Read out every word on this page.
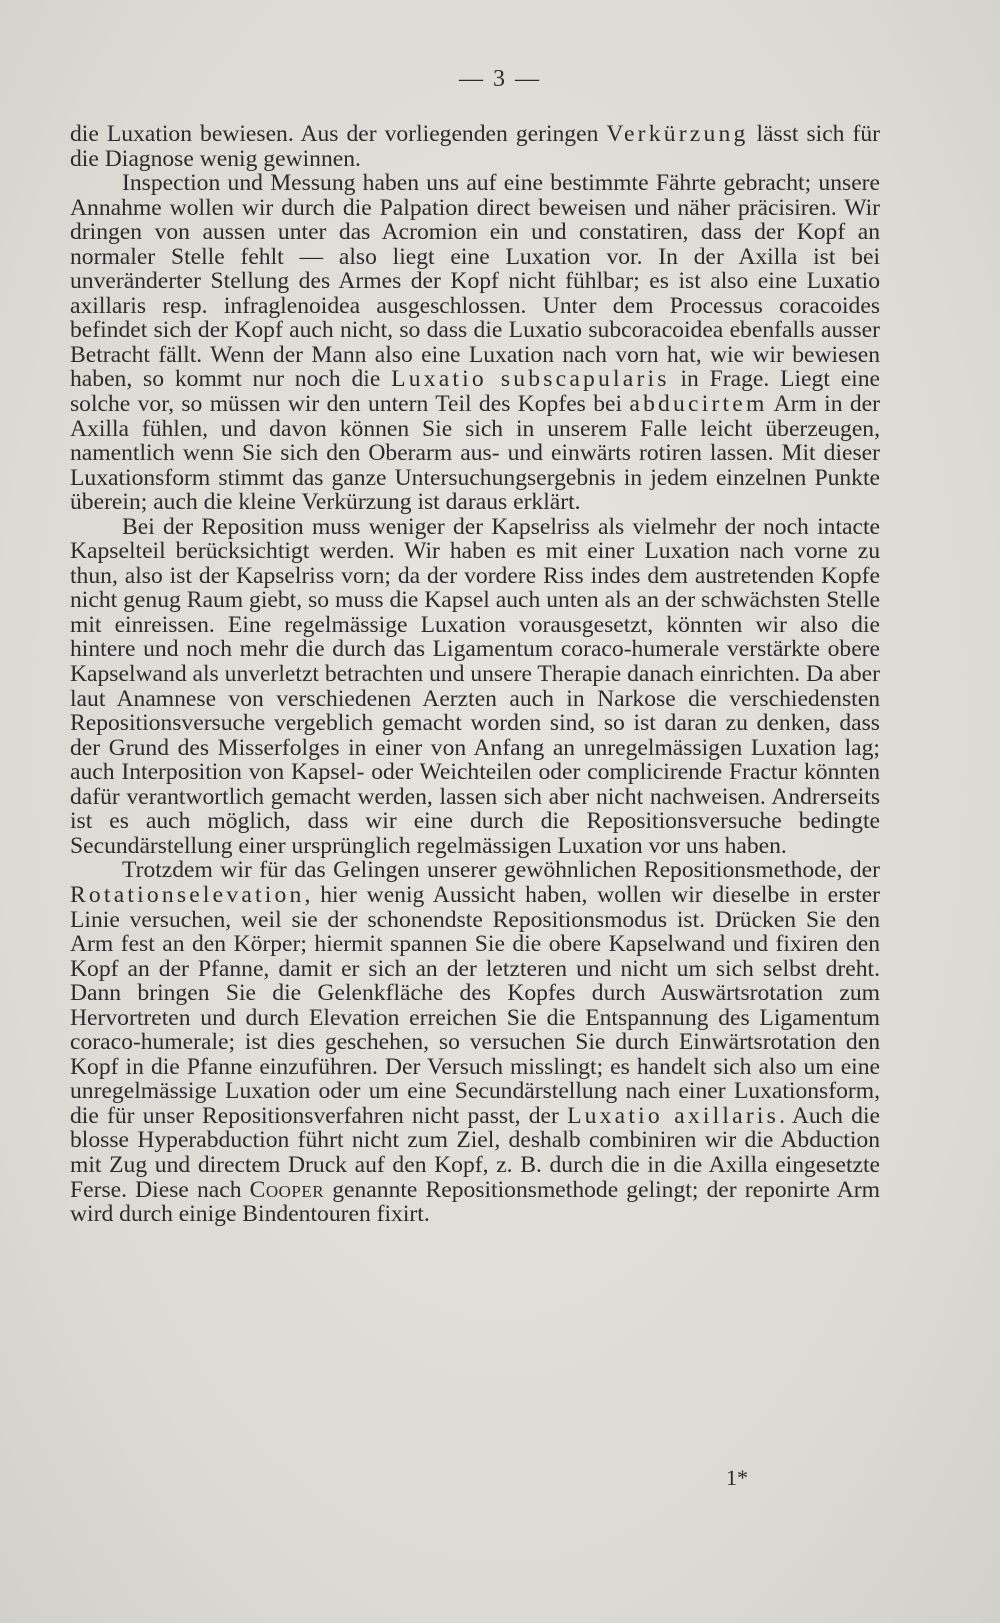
— 3 —

die Luxation bewiesen. Aus der vorliegenden geringen Verkürzung lässt sich für die Diagnose wenig gewinnen.

Inspection und Messung haben uns auf eine bestimmte Fährte gebracht; unsere Annahme wollen wir durch die Palpation direct beweisen und näher präcisiren. Wir dringen von aussen unter das Acromion ein und constatiren, dass der Kopf an normaler Stelle fehlt — also liegt eine Luxation vor. In der Axilla ist bei unveränderter Stellung des Armes der Kopf nicht fühlbar; es ist also eine Luxatio axillaris resp. infraglenoidea ausgeschlossen. Unter dem Processus coracoides befindet sich der Kopf auch nicht, so dass die Luxatio subcoracoidea ebenfalls ausser Betracht fällt. Wenn der Mann also eine Luxation nach vorn hat, wie wir bewiesen haben, so kommt nur noch die Luxatio subscapularis in Frage. Liegt eine solche vor, so müssen wir den untern Teil des Kopfes bei abducirtem Arm in der Axilla fühlen, und davon können Sie sich in unserem Falle leicht überzeugen, namentlich wenn Sie sich den Oberarm aus- und einwärts rotiren lassen. Mit dieser Luxationsform stimmt das ganze Untersuchungsergebnis in jedem einzelnen Punkte überein; auch die kleine Verkürzung ist daraus erklärt.

Bei der Reposition muss weniger der Kapselriss als vielmehr der noch intacte Kapselteil berücksichtigt werden. Wir haben es mit einer Luxation nach vorne zu thun, also ist der Kapselriss vorn; da der vordere Riss indes dem austretenden Kopfe nicht genug Raum giebt, so muss die Kapsel auch unten als an der schwächsten Stelle mit einreissen. Eine regelmässige Luxation vorausgesetzt, könnten wir also die hintere und noch mehr die durch das Ligamentum coraco-humerale verstärkte obere Kapselwand als unverletzt betrachten und unsere Therapie danach einrichten. Da aber laut Anamnese von verschiedenen Aerzten auch in Narkose die verschiedensten Repositionsversuche vergeblich gemacht worden sind, so ist daran zu denken, dass der Grund des Misserfolges in einer von Anfang an unregelmässigen Luxation lag; auch Interposition von Kapsel- oder Weichteilen oder complicirende Fractur könnten dafür verantwortlich gemacht werden, lassen sich aber nicht nachweisen. Andrerseits ist es auch möglich, dass wir eine durch die Repositionsversuche bedingte Secundärstellung einer ursprünglich regelmässigen Luxation vor uns haben.

Trotzdem wir für das Gelingen unserer gewöhnlichen Repositionsmethode, der Rotationselevation, hier wenig Aussicht haben, wollen wir dieselbe in erster Linie versuchen, weil sie der schonendste Repositionsmodus ist. Drücken Sie den Arm fest an den Körper; hiermit spannen Sie die obere Kapselwand und fixiren den Kopf an der Pfanne, damit er sich an der letzteren und nicht um sich selbst dreht. Dann bringen Sie die Gelenkfläche des Kopfes durch Auswärtsrotation zum Hervortreten und durch Elevation erreichen Sie die Entspannung des Ligamentum coraco-humerale; ist dies geschehen, so versuchen Sie durch Einwärtsrotation den Kopf in die Pfanne einzuführen. Der Versuch misslingt; es handelt sich also um eine unregelmässige Luxation oder um eine Secundärstellung nach einer Luxationsform, die für unser Repositionsverfahren nicht passt, der Luxatio axillaris. Auch die blosse Hyperabduction führt nicht zum Ziel, deshalb combiniren wir die Abduction mit Zug und directem Druck auf den Kopf, z. B. durch die in die Axilla eingesetzte Ferse. Diese nach Cooper genannte Repositionsmethode gelingt; der reponirte Arm wird durch einige Bindentouren fixirt.

1*
